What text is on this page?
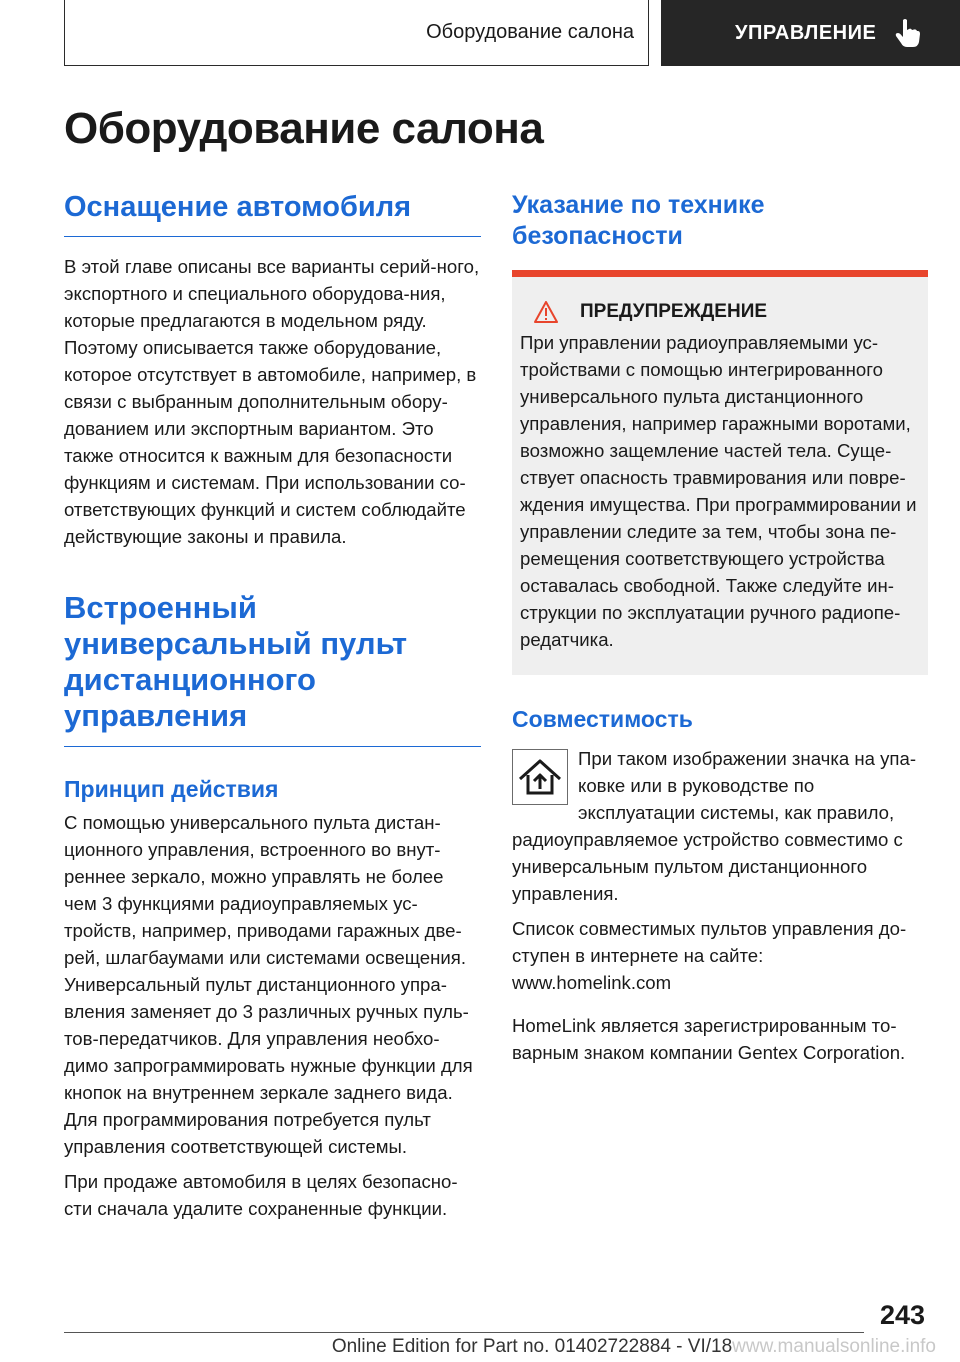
Оборудование салона	УПРАВЛЕНИЕ
Оборудование салона
Оснащение автомобиля

В этой главе описаны все варианты серий-ного, экспортного и специального оборудова-ния, которые предлагаются в модельном ряду. Поэтому описывается также оборудование, которое отсутствует в автомобиле, например, в связи с выбранным дополнительным обору-дованием или экспортным вариантом. Это также относится к важным для безопасности функциям и системам. При использовании со-ответствующих функций и систем соблюдайте действующие законы и правила.

Встроенный универсальный пульт дистанционного управления
Принцип действия

С помощью универсального пульта дистан-ционного управления, встроенного во внут-реннее зеркало, можно управлять не более чем 3 функциями радиоуправляемых ус-тройств, например, приводами гаражных две-рей, шлагбаумами или системами освещения. Универсальный пульт дистанционного упра-вления заменяет до 3 различных ручных пуль-тов-передатчиков. Для управления необхо-димо запрограммировать нужные функции для кнопок на внутреннем зеркале заднего вида. Для программирования потребуется пульт управления соответствующей системы.

При продаже автомобиля в целях безопасно-сти сначала удалите сохраненные функции.

Указание по технике безопасности
ПРЕДУПРЕЖДЕНИЕ

При управлении радиоуправляемыми ус-тройствами с помощью интегрированного универсального пульта дистанционного управления, например гаражными воротами, возможно защемление частей тела. Суще-ствует опасность травмирования или повре-ждения имущества. При программировании и управлении следите за тем, чтобы зона пе-ремещения соответствующего устройства оставалась свободной. Также следуйте ин-струкции по эксплуатации ручного радиопе-редатчика.

Совместимость

При таком изображении значка на упа-ковке или в руководстве по эксплуатации системы, как правило, радиоуправляемое устройство совместимо с универсальным пультом дистанционного управления.

Список совместимых пультов управления до-ступен в интернете на сайте:

www.homelink.com

HomeLink является зарегистрированным то-варным знаком компании Gentex Corporation.

243
Online Edition for Part no. 01402722884 - VI/18www.manualsonline.info
